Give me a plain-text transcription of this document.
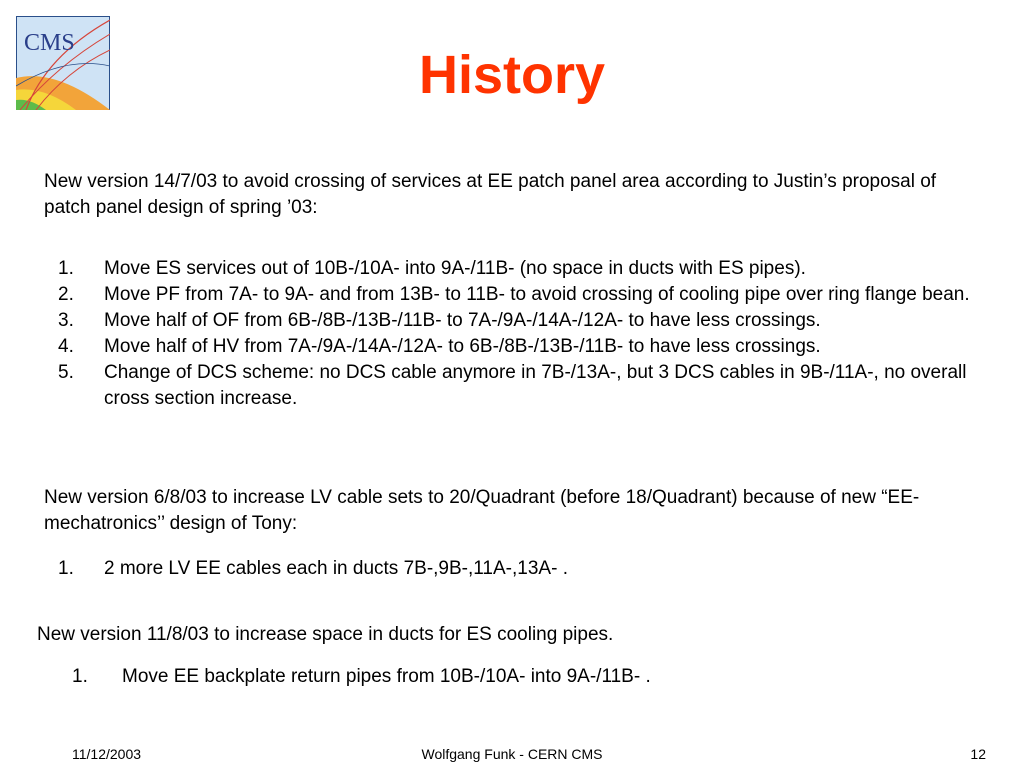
CMS
History

New version 14/7/03 to avoid crossing of services at EE patch panel area according to Justin’s proposal of patch panel design of spring ’03:

1. Move ES services out of 10B-/10A- into 9A-/11B- (no space in ducts with ES pipes).
2. Move PF from 7A- to 9A- and from 13B- to 11B- to avoid crossing of cooling pipe over ring flange bean.
3. Move half of OF from 6B-/8B-/13B-/11B- to 7A-/9A-/14A-/12A- to have less crossings.
4. Move half of HV from 7A-/9A-/14A-/12A- to 6B-/8B-/13B-/11B- to have less crossings.
5. Change of DCS scheme: no DCS cable anymore in 7B-/13A-, but 3 DCS cables in 9B-/11A-, no overall cross section increase.

New version 6/8/03 to increase LV cable sets to 20/Quadrant (before 18/Quadrant) because of new “EE-mechatronics’’ design of Tony:

1. 2 more LV EE cables each in ducts 7B-,9B-,11A-,13A- .

New version 11/8/03 to increase space in ducts for ES cooling pipes.

1. Move EE backplate return pipes from 10B-/10A- into 9A-/11B- .
11/12/2003	Wolfgang Funk - CERN CMS	12
